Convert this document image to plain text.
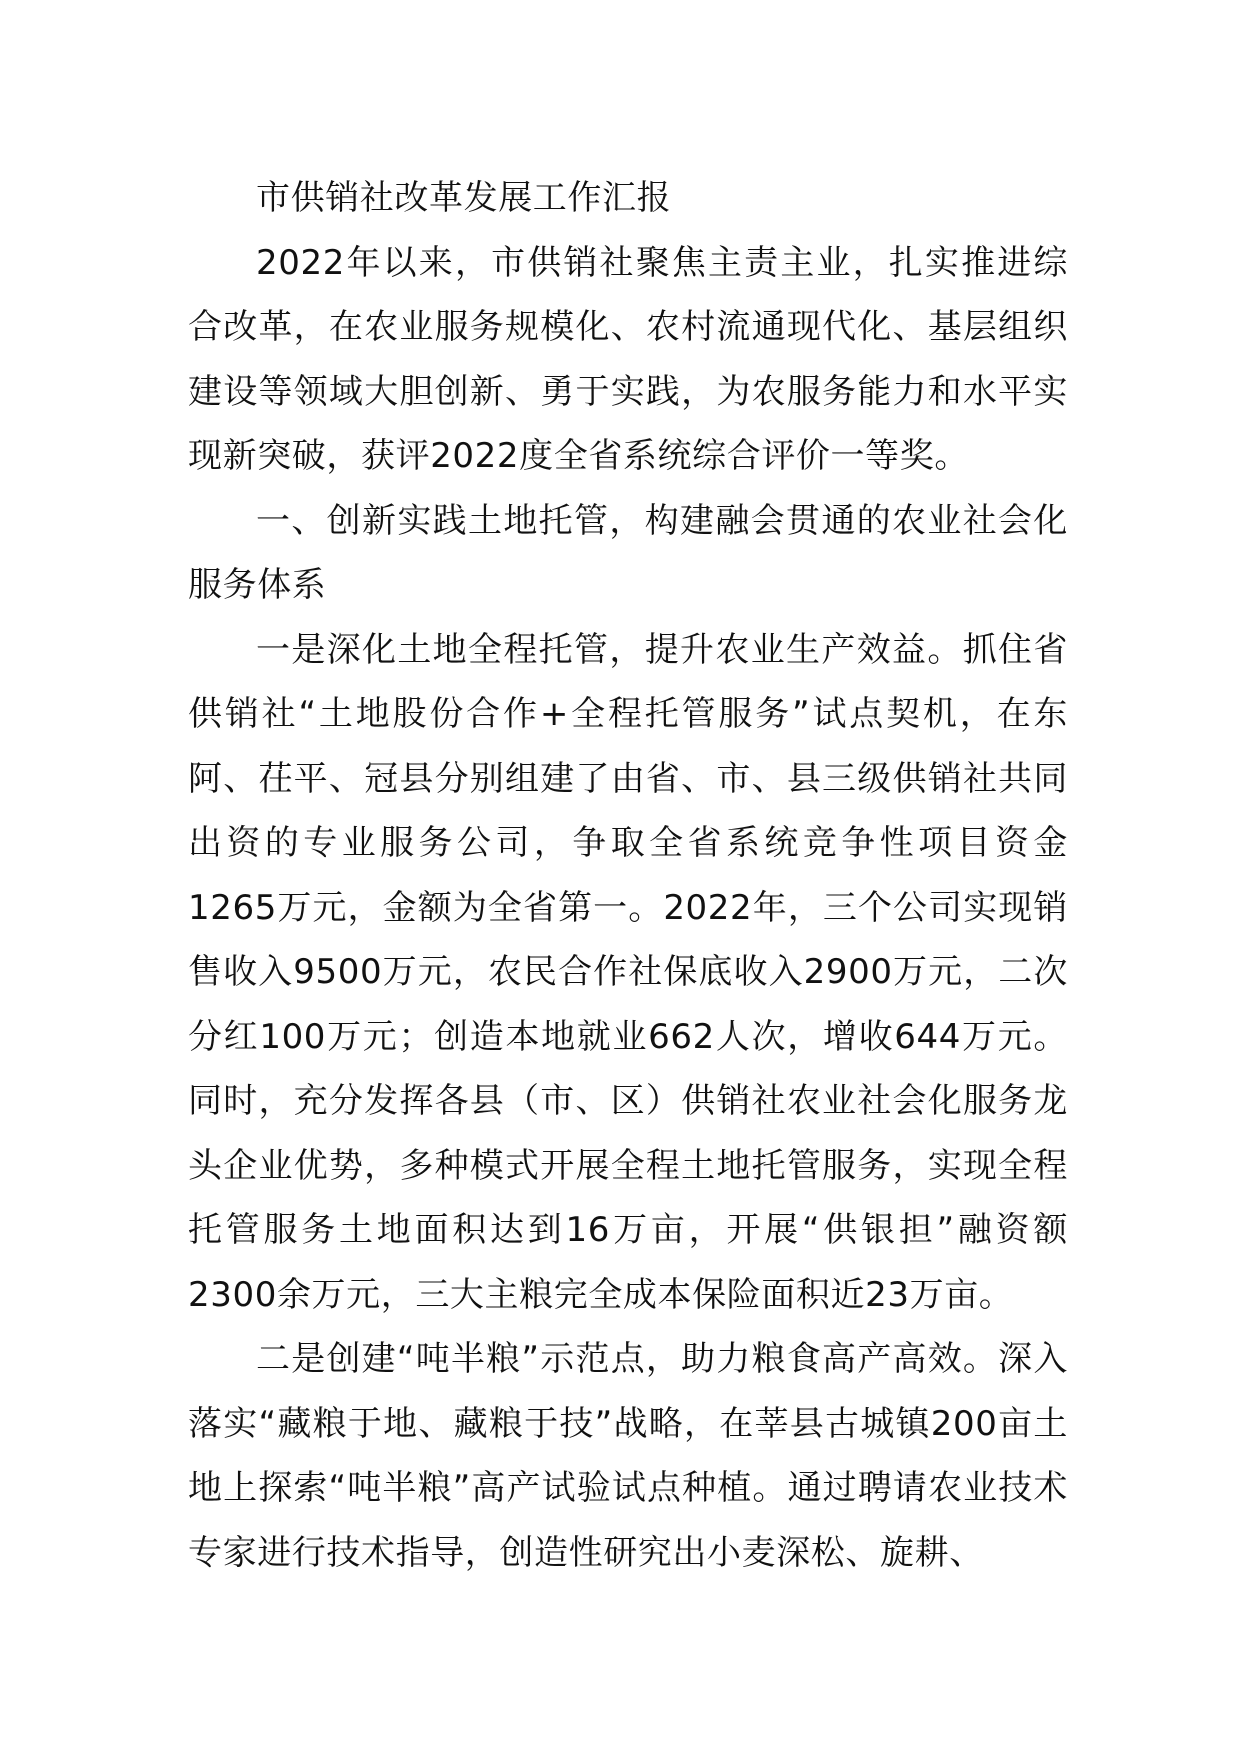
市供销社改革发展工作汇报

2022年以来，市供销社聚焦主责主业，扎实推进综合改革，在农业服务规模化、农村流通现代化、基层组织建设等领域大胆创新、勇于实践，为农服务能力和水平实现新突破，获评2022度全省系统综合评价一等奖。

一、创新实践土地托管，构建融会贯通的农业社会化服务体系

一是深化土地全程托管，提升农业生产效益。抓住省供销社“土地股份合作+全程托管服务”试点契机，在东阿、茌平、冠县分别组建了由省、市、县三级供销社共同出资的专业服务公司，争取全省系统竞争性项目资金1265万元，金额为全省第一。2022年，三个公司实现销售收入9500万元，农民合作社保底收入2900万元，二次分红100万元；创造本地就业662人次，增收644万元。同时，充分发挥各县（市、区）供销社农业社会化服务龙头企业优势，多种模式开展全程土地托管服务，实现全程托管服务土地面积达到16万亩，开展“供银担”融资额2300余万元，三大主粮完全成本保险面积近23万亩。

二是创建“吨半粮”示范点，助力粮食高产高效。深入落实“藏粮于地、藏粮于技”战略，在莘县古城镇200亩土地上探索“吨半粮”高产试验试点种植。通过聘请农业技术专家进行技术指导，创造性研究出小麦深松、旋耕、
